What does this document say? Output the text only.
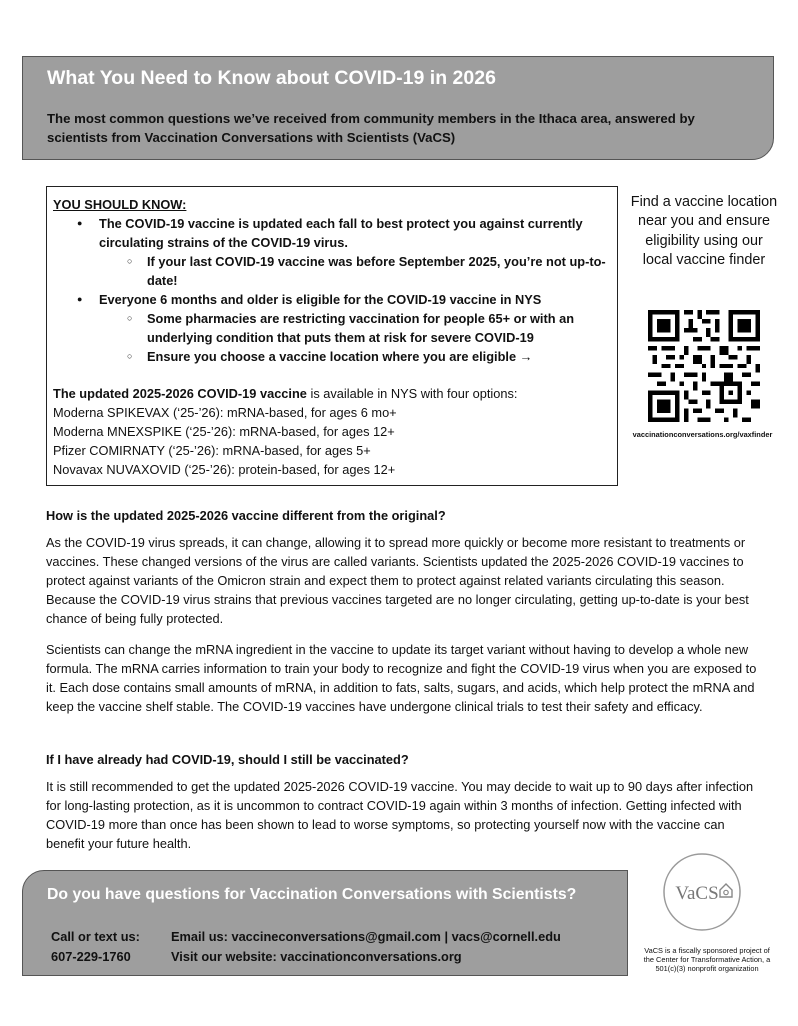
What You Need to Know about COVID-19 in 2026

The most common questions we’ve received from community members in the Ithaca area, answered by scientists from Vaccination Conversations with Scientists (VaCS)

YOU SHOULD KNOW:

● The COVID-19 vaccine is updated each fall to best protect you against currently circulating strains of the COVID-19 virus.
○ If your last COVID-19 vaccine was before September 2025, you’re not up-to-date!
● Everyone 6 months and older is eligible for the COVID-19 vaccine in NYS
○ Some pharmacies are restricting vaccination for people 65+ or with an underlying condition that puts them at risk for severe COVID-19
○ Ensure you choose a vaccine location where you are eligible →

The updated 2025-2026 COVID-19 vaccine is available in NYS with four options:

Moderna SPIKEVAX (‘25-’26): mRNA-based, for ages 6 mo+

Moderna MNEXSPIKE (‘25-’26): mRNA-based, for ages 12+

Pfizer COMIRNATY (‘25-’26): mRNA-based, for ages 5+

Novavax NUVAXOVID (‘25-’26): protein-based, for ages 12+

Find a vaccine location near you and ensure eligibility using our local vaccine finder

vaccinationconversations.org/vaxfinder

How is the updated 2025-2026 vaccine different from the original?

As the COVID-19 virus spreads, it can change, allowing it to spread more quickly or become more resistant to treatments or vaccines. These changed versions of the virus are called variants. Scientists updated the 2025-2026 COVID-19 vaccines to protect against variants of the Omicron strain and expect them to protect against related variants circulating this season. Because the COVID-19 virus strains that previous vaccines targeted are no longer circulating, getting up-to-date is your best chance of being fully protected.

Scientists can change the mRNA ingredient in the vaccine to update its target variant without having to develop a whole new formula. The mRNA carries information to train your body to recognize and fight the COVID-19 virus when you are exposed to it. Each dose contains small amounts of mRNA, in addition to fats, salts, sugars, and acids, which help protect the mRNA and keep the vaccine shelf stable. The COVID-19 vaccines have undergone clinical trials to test their safety and efficacy.

If I have already had COVID-19, should I still be vaccinated?

It is still recommended to get the updated 2025-2026 COVID-19 vaccine. You may decide to wait up to 90 days after infection for long-lasting protection, as it is uncommon to contract COVID-19 again within 3 months of infection. Getting infected with COVID-19 more than once has been shown to lead to worse symptoms, so protecting yourself now with the vaccine can benefit your future health.

Do you have questions for Vaccination Conversations with Scientists?

Call or text us:

607-229-1760

Email us: vaccineconversations@gmail.com | vacs@cornell.edu

Visit our website: vaccinationconversations.org

VaCS

VaCS is a fiscally sponsored project of the Center for Transformative Action, a 501(c)(3) nonprofit organization
